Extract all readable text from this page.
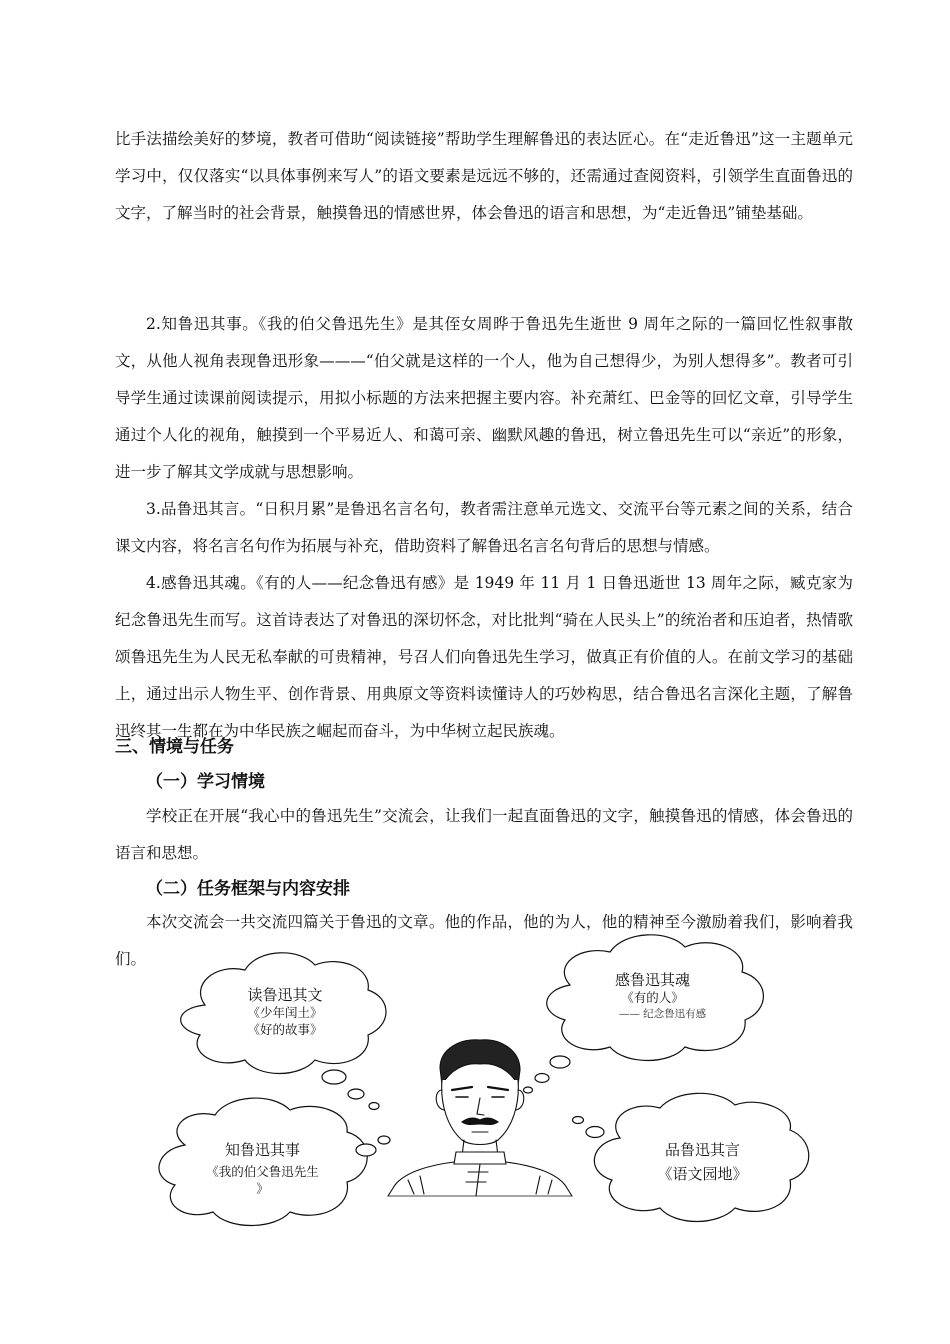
比手法描绘美好的梦境，教者可借助“阅读链接”帮助学生理解鲁迅的表达匠心。在“走近鲁迅”这一主题单元学习中，仅仅落实“以具体事例来写人”的语文要素是远远不够的，还需通过查阅资料，引领学生直面鲁迅的文字，了解当时的社会背景，触摸鲁迅的情感世界，体会鲁迅的语言和思想，为“走近鲁迅”铺垫基础。

2.知鲁迅其事。《我的伯父鲁迅先生》是其侄女周晔于鲁迅先生逝世 9 周年之际的一篇回忆性叙事散文，从他人视角表现鲁迅形象———“伯父就是这样的一个人，他为自己想得少，为别人想得多”。教者可引导学生通过读课前阅读提示，用拟小标题的方法来把握主要内容。补充萧红、巴金等的回忆文章，引导学生通过个人化的视角，触摸到一个平易近人、和蔼可亲、幽默风趣的鲁迅，树立鲁迅先生可以“亲近”的形象，进一步了解其文学成就与思想影响。

3.品鲁迅其言。“日积月累”是鲁迅名言名句，教者需注意单元选文、交流平台等元素之间的关系，结合课文内容，将名言名句作为拓展与补充，借助资料了解鲁迅名言名句背后的思想与情感。

4.感鲁迅其魂。《有的人——纪念鲁迅有感》是 1949 年 11 月 1 日鲁迅逝世 13 周年之际，臧克家为纪念鲁迅先生而写。这首诗表达了对鲁迅的深切怀念，对比批判“骑在人民头上”的统治者和压迫者，热情歌颂鲁迅先生为人民无私奉献的可贵精神，号召人们向鲁迅先生学习，做真正有价值的人。在前文学习的基础上，通过出示人物生平、创作背景、用典原文等资料读懂诗人的巧妙构思，结合鲁迅名言深化主题，了解鲁迅终其一生都在为中华民族之崛起而奋斗，为中华树立起民族魂。

三、情境与任务
（一）学习情境

学校正在开展“我心中的鲁迅先生”交流会，让我们一起直面鲁迅的文字，触摸鲁迅的情感，体会鲁迅的语言和思想。

（二）任务框架与内容安排

本次交流会一共交流四篇关于鲁迅的文章。他的作品，他的为人，他的精神至今激励着我们，影响着我们。

读鲁迅其文
《少年闰土》
《好的故事》
感鲁迅其魂
《有的人》
—— 纪念鲁迅有感
知鲁迅其事
《我的伯父鲁迅先生
》
品鲁迅其言
《语文园地》
